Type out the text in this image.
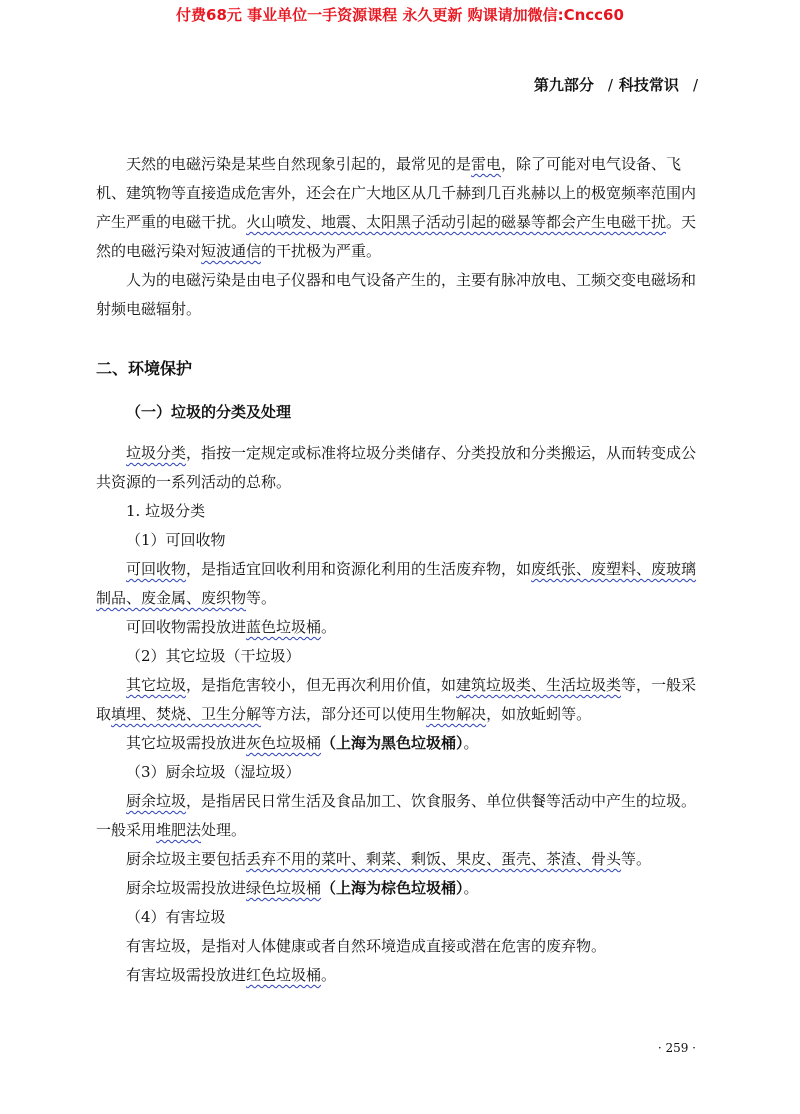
付费68元 事业单位一手资源课程 永久更新 购课请加微信:Cncc60
第九部分 / 科技常识 /

天然的电磁污染是某些自然现象引起的，最常见的是雷电，除了可能对电气设备、飞机、建筑物等直接造成危害外，还会在广大地区从几千赫到几百兆赫以上的极宽频率范围内产生严重的电磁干扰。火山喷发、地震、太阳黑子活动引起的磁暴等都会产生电磁干扰。天然的电磁污染对短波通信的干扰极为严重。

人为的电磁污染是由电子仪器和电气设备产生的，主要有脉冲放电、工频交变电磁场和射频电磁辐射。

二、环境保护

（一）垃圾的分类及处理

垃圾分类，指按一定规定或标准将垃圾分类储存、分类投放和分类搬运，从而转变成公共资源的一系列活动的总称。

1. 垃圾分类

（1）可回收物

可回收物，是指适宜回收利用和资源化利用的生活废弃物，如废纸张、废塑料、废玻璃制品、废金属、废织物等。

可回收物需投放进蓝色垃圾桶。

（2）其它垃圾（干垃圾）

其它垃圾，是指危害较小，但无再次利用价值，如建筑垃圾类、生活垃圾类等，一般采取填埋、焚烧、卫生分解等方法，部分还可以使用生物解决，如放蚯蚓等。

其它垃圾需投放进灰色垃圾桶（上海为黑色垃圾桶）。

（3）厨余垃圾（湿垃圾）

厨余垃圾，是指居民日常生活及食品加工、饮食服务、单位供餐等活动中产生的垃圾。一般采用堆肥法处理。

厨余垃圾主要包括丢弃不用的菜叶、剩菜、剩饭、果皮、蛋壳、茶渣、骨头等。

厨余垃圾需投放进绿色垃圾桶（上海为棕色垃圾桶）。

（4）有害垃圾

有害垃圾，是指对人体健康或者自然环境造成直接或潜在危害的废弃物。

有害垃圾需投放进红色垃圾桶。

· 259 ·
